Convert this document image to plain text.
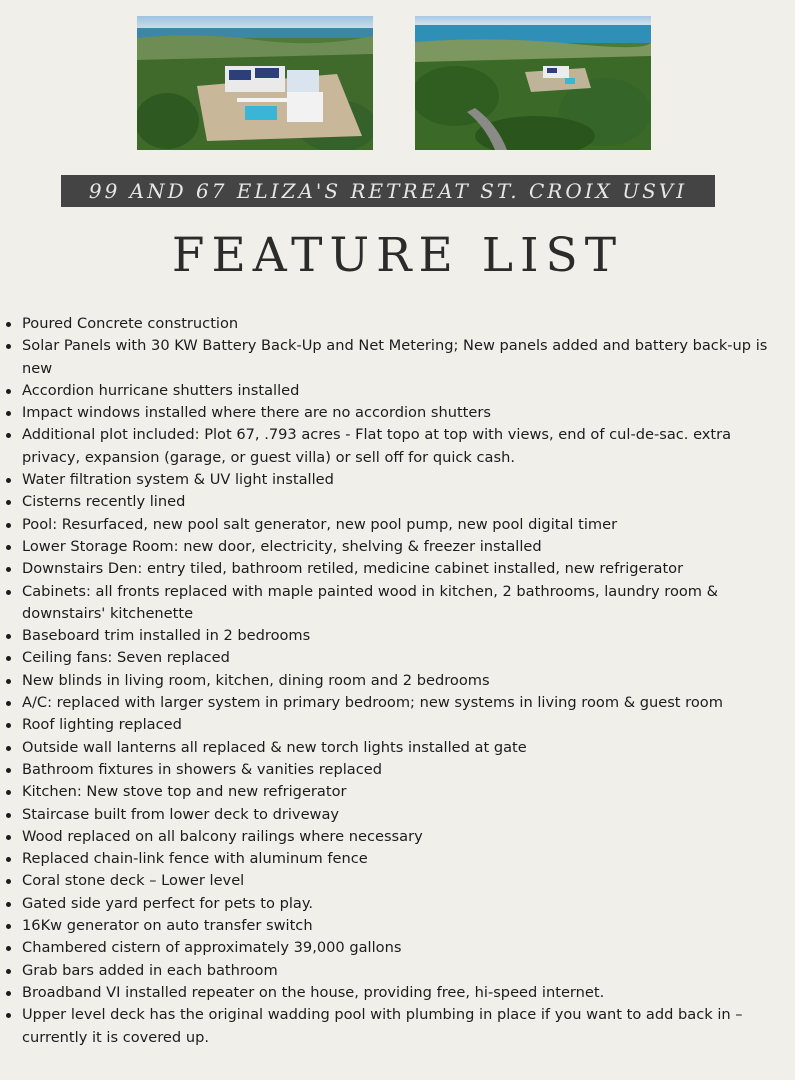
99 AND 67 ELIZA'S RETREAT ST. CROIX USVI
FEATURE LIST
Poured Concrete construction
Solar Panels with 30 KW Battery Back-Up and Net Metering; New panels added and battery back-up is new
Accordion hurricane shutters installed
Impact windows installed where there are no accordion shutters
Additional plot included: Plot 67, .793 acres - Flat topo at top with views, end of cul-de-sac. extra privacy, expansion (garage, or guest villa) or sell off for quick cash.
Water filtration system & UV light installed
Cisterns recently lined
Pool: Resurfaced, new pool salt generator, new pool pump, new pool digital timer
Lower Storage Room: new door, electricity, shelving & freezer installed
Downstairs Den: entry tiled, bathroom retiled, medicine cabinet installed, new refrigerator
Cabinets: all fronts replaced with maple painted wood in kitchen, 2 bathrooms, laundry room & downstairs' kitchenette
Baseboard trim installed in 2 bedrooms
Ceiling fans: Seven replaced
New blinds in living room, kitchen, dining room and 2 bedrooms
A/C: replaced with larger system in primary bedroom; new systems in living room & guest room
Roof lighting replaced
Outside wall lanterns all replaced & new torch lights installed at gate
Bathroom fixtures in showers & vanities replaced
Kitchen: New stove top and new refrigerator
Staircase built from lower deck to driveway
Wood replaced on all balcony railings where necessary
Replaced chain-link fence with aluminum fence
Coral stone deck – Lower level
Gated side yard perfect for pets to play.
16Kw generator on auto transfer switch
Chambered cistern of approximately 39,000 gallons
Grab bars added in each bathroom
Broadband VI installed repeater on the house, providing free, hi-speed internet.
Upper level deck has the original wadding pool with plumbing in place if you want to add back in – currently it is covered up.
